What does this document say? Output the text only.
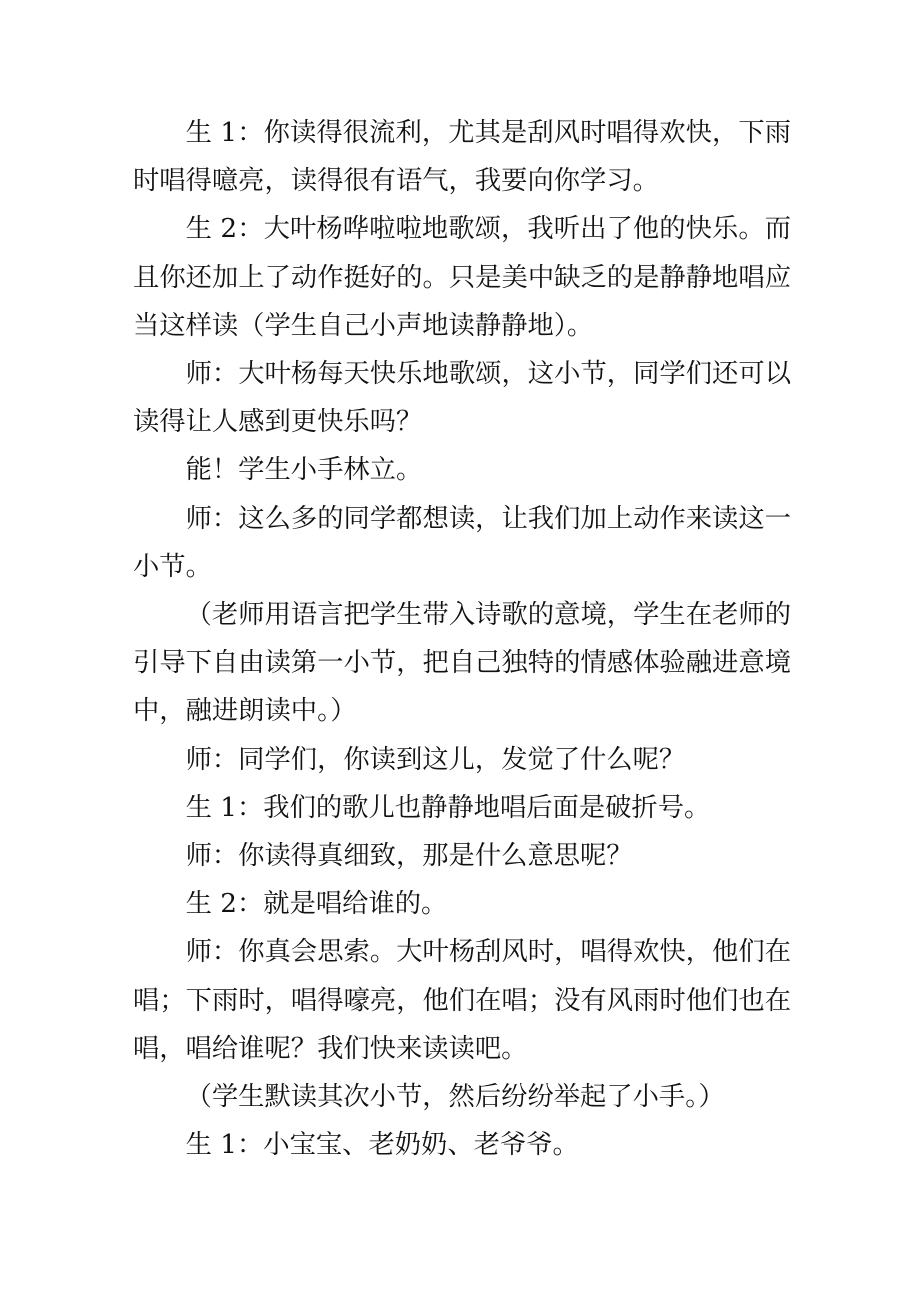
生 1：你读得很流利，尤其是刮风时唱得欢快，下雨时唱得噫亮，读得很有语气，我要向你学习。

生 2：大叶杨哗啦啦地歌颂，我听出了他的快乐。而且你还加上了动作挺好的。只是美中缺乏的是静静地唱应当这样读（学生自己小声地读静静地）。

师：大叶杨每天快乐地歌颂，这小节，同学们还可以读得让人感到更快乐吗？

能！学生小手林立。

师：这么多的同学都想读，让我们加上动作来读这一小节。

（老师用语言把学生带入诗歌的意境，学生在老师的引导下自由读第一小节，把自己独特的情感体验融进意境中，融进朗读中。）

师：同学们，你读到这儿，发觉了什么呢？

生 1：我们的歌儿也静静地唱后面是破折号。

师：你读得真细致，那是什么意思呢？

生 2：就是唱给谁的。

师：你真会思索。大叶杨刮风时，唱得欢快，他们在唱；下雨时，唱得嚎亮，他们在唱；没有风雨时他们也在唱，唱给谁呢？我们快来读读吧。

（学生默读其次小节，然后纷纷举起了小手。）

生 1：小宝宝、老奶奶、老爷爷。
